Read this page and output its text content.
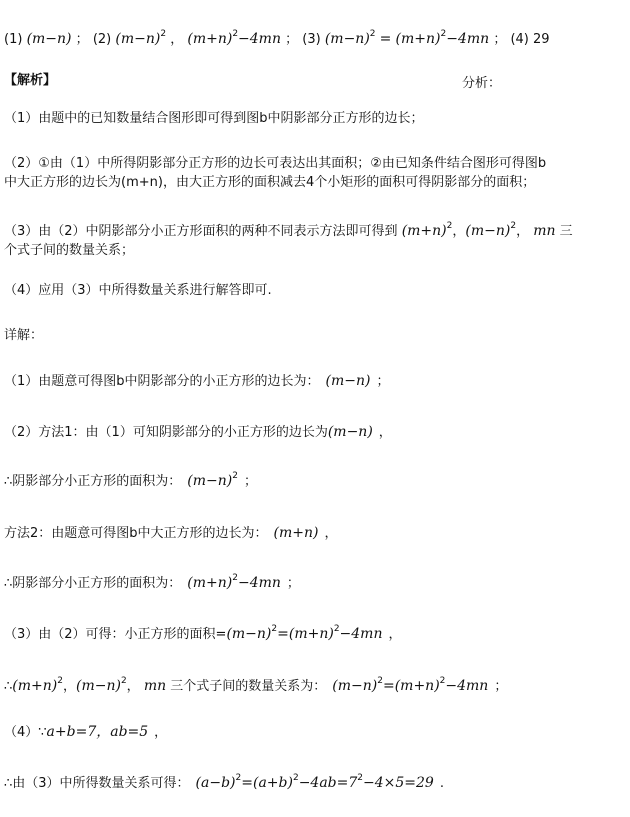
(1) (m−n) ； (2) $(m-n)^2$ ， $(m+n)^2-4mn$ ； (3) $(m-n)^2 = (m+n)^2-4mn$ ； (4) 29
【解析】	分析：
（1）由题中的已知数量结合图形即可得到图b中阴影部分正方形的边长；
（2）①由（1）中所得阴影部分正方形的边长可表达出其面积；②由已知条件结合图形可得图b
中大正方形的边长为(m+n)，由大正方形的面积减去4个小矩形的面积可得阴影部分的面积；
（3）由（2）中阴影部分小正方形面积的两种不同表示方法即可得到 $(m+n)^2$，$(m-n)^2$， mn 三
个式子间的数量关系；
（4）应用（3）中所得数量关系进行解答即可.
详解：
（1）由题意可得图b中阴影部分的小正方形的边长为： (m−n) ；
（2）方法1：由（1）可知阴影部分的小正方形的边长为(m−n) ，
∴阴影部分小正方形的面积为： $(m-n)^2$ ；
方法2：由题意可得图b中大正方形的边长为： (m+n) ，
∴阴影部分小正方形的面积为： $(m+n)^2-4mn$ ；
（3）由（2）可得：小正方形的面积$=(m-n)^2=(m+n)^2-4mn$ ，
$\therefore(m+n)^2$，$(m-n)^2$， mn 三个式子间的数量关系为： $(m-n)^2=(m+n)^2-4mn$ ；
（4）∵a+b=7，ab=5 ，
∴由（3）中所得数量关系可得： $(a-b)^2=(a+b)^2-4ab=7^2-4\times 5=29$ .
